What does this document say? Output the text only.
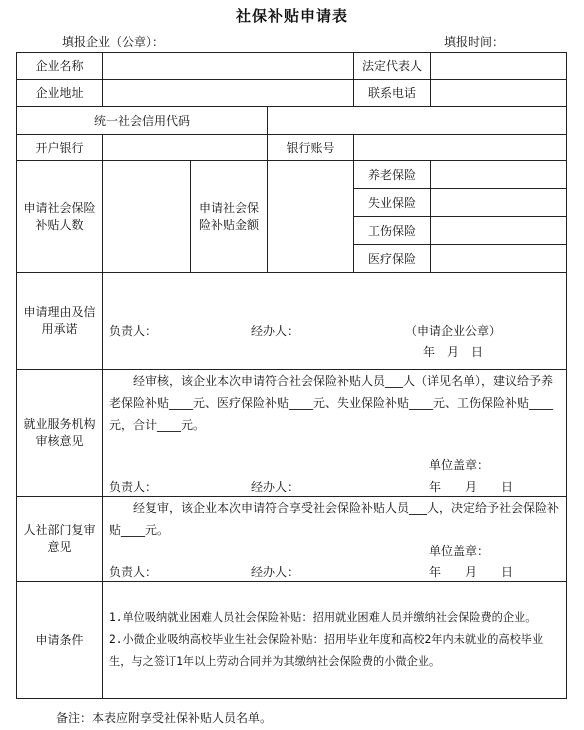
社保补贴申请表
填报企业（公章）：	填报时间：
企业名称				法定代表人	
企业地址				联系电话	
统一社会信用代码					
开户银行			银行账号		
申请社会保险补贴人数		申请社会保险补贴金额		养老保险	
				失业保险	
				工伤保险	
				医疗保险	
申请理由及信用承诺	负责人： 经办人： （申请企业公章）
年　月　日				

就业服务机构审核意见	经审核，该企业本次申请符合社会保险补贴人员___人（详见名单），建议给予养老保险补贴____元、医疗保险补贴____元、失业保险补贴____元、工伤保险补贴____元，合计____元。
单位盖章：
负责人： 经办人： 年　　月　　日				

人社部门复审意见	经复审，该企业本次申请符合享受社会保险补贴人员___人，决定给予社会保险补贴____元。
单位盖章：
负责人： 经办人： 年　　月　　日				

申请条件	1.单位吸纳就业困难人员社会保险补贴：招用就业困难人员并缴纳社会保险费的企业。
2.小微企业吸纳高校毕业生社会保险补贴：招用毕业年度和高校2年内未就业的高校毕业生，与之签订1年以上劳动合同并为其缴纳社会保险费的小微企业。				
备注：本表应附享受社保补贴人员名单。
